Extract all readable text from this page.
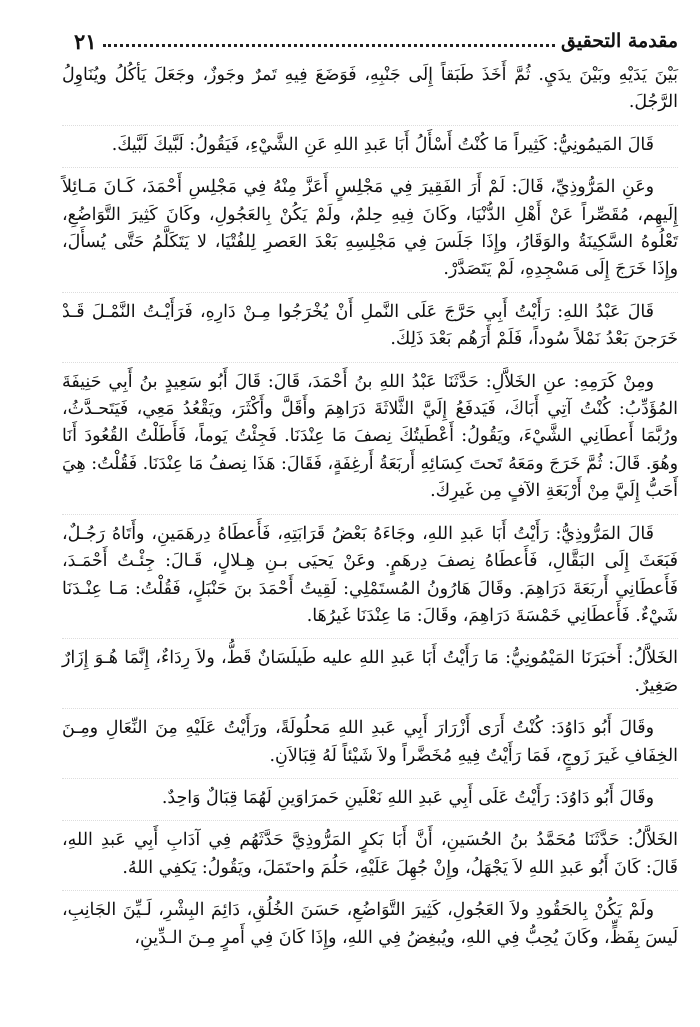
مقدمة التحقيق
٢١

بَيْنَ يَدَيْهِ وبَيْنَ يدَيِ. ثُمَّ أَخَذَ طَبَقاً إِلَى جَنْبِهِ، فَوَضَعَ فِيهِ تَمرٌ وجَوزٌ، وجَعَلَ يَأكُلُ ويُنَاوِلُ الرَّجُلَ.

قَالَ المَيمُونِيُّ: كَثِيراً مَا كُنْتُ أَسْأَلُ أَبَا عَبدِ اللهِ عَنِ الشَّيْءِ، فَيَقُولُ: لَبَّيكَ لَبَّيكَ.

وعَنِ المَرُّوذِيِّ، قَالَ: لَمْ أَرَ الفَقِيرَ فِي مَجْلِسٍ أَعَزَّ مِنْهُ فِي مَجْلِسِ أَحْمَدَ، كَـانَ مَـائِلاً إِلَيهِم، مُقَصِّراً عَنْ أَهْلِ الدُّنْيَا، وكَانَ فِيهِ حِلمٌ، ولَمْ يَكُنْ بِالعَجُولِ، وكَانَ كَثِيرَ التَّوَاضُعِ، تَعْلُوهُ السَّكِينَةُ والوَقَارُ، وإِذَا جَلَسَ فِي مَجْلِسِهِ بَعْدَ العَصرِ لِلفُتْيَا، لا يَتَكَلَّمُ حَتَّى يُسأَلَ، وإِذَا خَرَجَ إِلَى مَسْجِدِهِ، لَمْ يَتَصَدَّرْ.

قَالَ عَبْدُ اللهِ: رَأَيْتُ أَبِي حَرَّجَ عَلَى النَّملِ أَنْ يُخْرَجُوا مِـنْ دَارِهِ، فَرَأَيْـتُ النَّمْـلَ قَـدْ خَرَجنَ بَعْدُ نَمْلاً سُوداً، فَلَمْ أَرَهُم بَعْدَ ذَلِكَ.

ومِنْ كَرَمِهِ: عنِ الخَلاَّلِ: حَدَّثَنَا عَبْدُ اللهِ بنُ أَحْمَدَ، قَالَ: قَالَ أَبُو سَعِيدٍ بنُ أَبِي حَنِيفَةَ المُؤَدِّبُ: كُنْتُ آتِي أَبَاكَ، فَيَدفَعُ إِلَيَّ الثَّلاثَةَ دَرَاهِمَ وأَقَلَّ وأَكْثَرَ، ويَقْعُدُ مَعِي، فَيَتَحـدَّثُ، ورُبَّمَا أَعطَانِي الشَّيْءَ، ويَقُولُ: أَعْطَيتُكَ نِصفَ مَا عِنْدَنَا. فَجِئْتُ يَوماً، فَأَطَلْتُ القُعُودَ أَنَا وهُوَ. قَالَ: ثُمَّ خَرَجَ ومَعَهُ تَحتَ كِسَائِهِ أَربَعَةُ أَرغِفَةٍ، فَقَالَ: هَذَا نِصفُ مَا عِنْدَنَا. فَقُلْتُ: هِيَ أَحَبُّ إِلَيَّ مِنْ أَرْبَعَةِ الآفٍ مِن غَيرِكَ.

قَالَ المَرُّوذِيُّ: رَأَيْتُ أَبَا عَبدِ اللهِ، وجَاءَهُ بَعْضُ قَرَابَتِهِ، فَأَعطَاهُ دِرهَمَينِ، وأَتَاهُ رَجُـلٌ، فَبَعَثَ إِلَى البَقَّالِ، فَأَعطَاهُ نِصفَ دِرهَمٍ. وعَنْ يَحيَى بـنِ هِـلالٍ، قَـالَ: جِئْـتُ أَحْمَـدَ، فَأَعطَانِي أَربَعَةَ دَرَاهِمَ. وقَالَ هَارُونُ المُستَمْلِي: لَقِيتُ أَحْمَدَ بنَ حَنْبَلٍ، فَقُلْتُ: مَـا عِنْـدَنَا شَيْءٌ. فَأَعطَانِي خَمْسَةَ دَرَاهِمَ، وقَالَ: مَا عِنْدَنَا غَيرُهَا.

الخَلاَّلُ: أَخبَرَنَا المَيْمُونِيُّ: مَا رَأَيْتُ أَبَا عَبدِ اللهِ عليه طَيلَسَانٌ قَطُّ، ولاَ رِدَاءٌ، إِنَّمَا هُـوَ إِزَارٌ صَغِيرٌ.

وقَالَ أَبُو دَاوُدَ: كُنْتُ أَرَى أَزْرَارَ أَبِي عَبدِ اللهِ مَحلُولَةً، ورَأَيْتُ عَلَيْهِ مِنَ النِّعَالِ ومِـنَ الخِفَافِ غَيرَ زَوجٍ، فَمَا رَأَيْتُ فِيهِ مُخَضَّراً ولاَ شَيْئاً لَهُ قِبَالاَنِ.

وقَالَ أَبُو دَاوُدَ: رَأَيْتُ عَلَى أَبِي عَبدِ اللهِ نَعْلَينِ حَمرَاوَينِ لَهُمَا قِبَالٌ وَاحِدٌ.

الخَلاَّلُ: حَدَّثَنَا مُحَمَّدُ بنُ الحُسَينِ، أَنَّ أَبَا بَكرٍ المَرُّوذِيَّ حَدَّثَهُم فِي آدَابِ أَبِي عَبدِ اللهِ، قَالَ: كَانَ أَبُو عَبدِ اللهِ لاَ يَجْهَلُ، وإِنْ جُهِلَ عَلَيْهِ، حَلُمَ واحتَمَلَ، ويَقُولُ: يَكفِي اللهُ.

ولَمْ يَكُنْ بِالحَقُودِ ولاَ العَجُولِ، كَثِيرَ التَّوَاضُعِ، حَسَنَ الخُلُقِ، دَائِمَ البِشْرِ، لَـيِّنَ الجَانِبِ، لَيسَ بِفَظٍّ، وكَانَ يُحِبُّ فِي اللهِ، ويُبغِضُ فِي اللهِ، وإِذَا كَانَ فِي أَمرٍ مِـنَ الـدِّينِ،
